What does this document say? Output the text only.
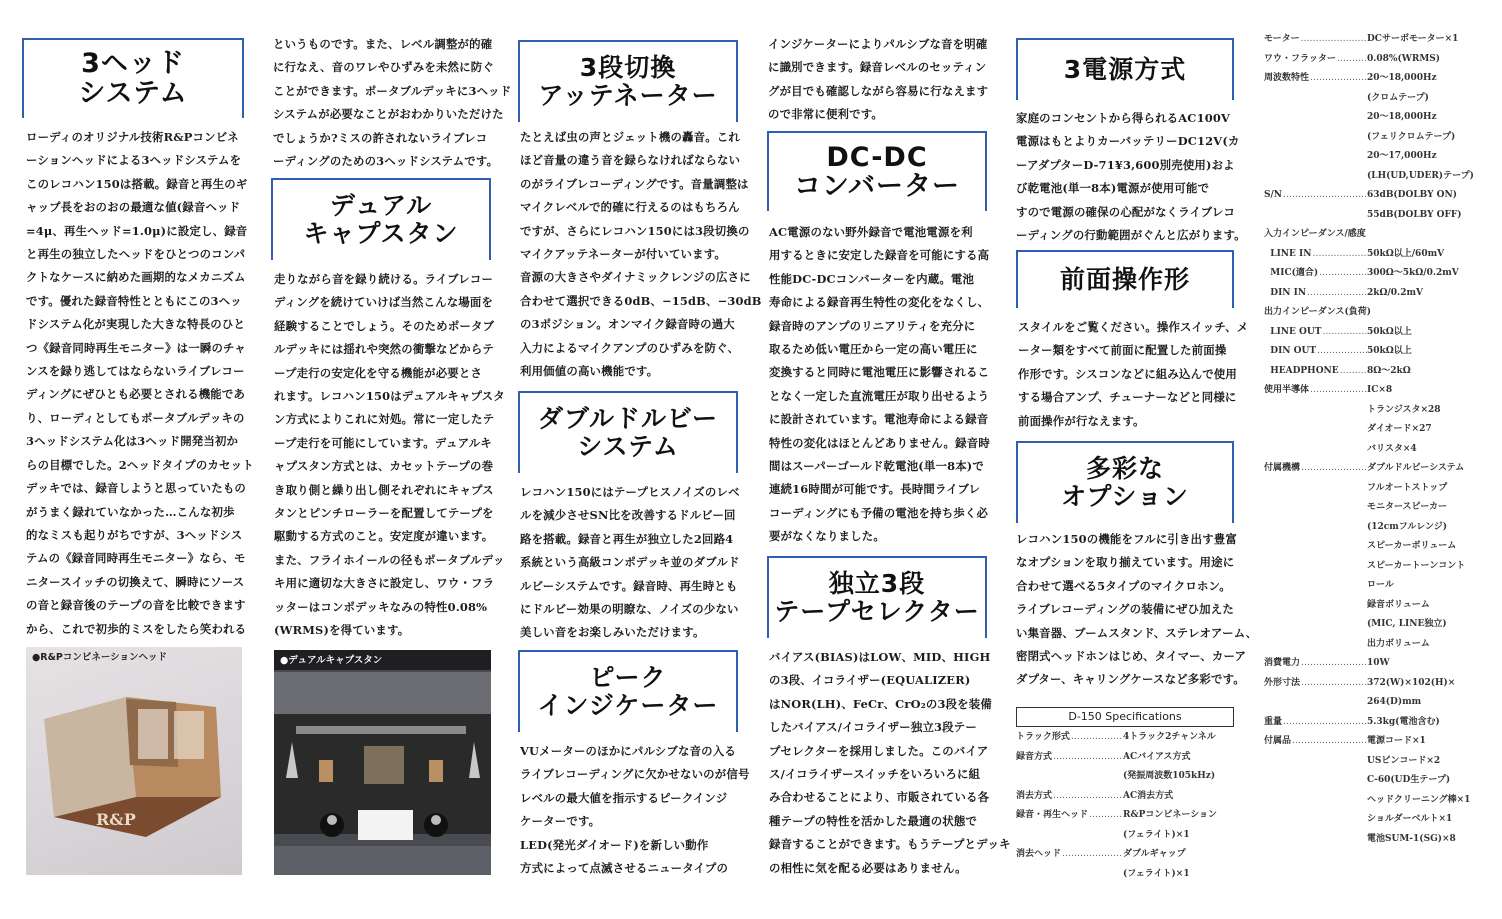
3ヘッド
システム
ローディのオリジナル技術R&Pコンビネ
ーションヘッドによる3ヘッドシステムを
このレコハン150は搭載。録音と再生のギ
ャップ長をおのおの最適な値(録音ヘッド
=4μ、再生ヘッド=1.0μ)に設定し、録音
と再生の独立したヘッドをひとつのコンパ
クトなケースに納めた画期的なメカニズム
です。優れた録音特性とともにこの3ヘッ
ドシステム化が実現した大きな特長のひと
つ《録音同時再生モニター》は一瞬のチャ
ンスを録り逃してはならないライブレコー
ディングにぜひとも必要とされる機能であ
り、ローディとしてもポータブルデッキの
3ヘッドシステム化は3ヘッド開発当初か
らの目標でした。2ヘッドタイプのカセット
デッキでは、録音しようと思っていたもの
がうまく録れていなかった…こんな初歩
的なミスも起りがちですが、3ヘッドシス
テムの《録音同時再生モニター》なら、モ
ニタースイッチの切換えて、瞬時にソース
の音と録音後のテープの音を比較できます
から、これで初歩的ミスをしたら笑われる
●R&Pコンビネーションヘッド
R&P
というものです。また、レベル調整が的確
に行なえ、音のワレやひずみを未然に防ぐ
ことができます。ポータブルデッキに3ヘッド
システムが必要なことがおわかりいただけた
でしょうか?ミスの許されないライブレコ
ーディングのための3ヘッドシステムです。
デュアル
キャプスタン
走りながら音を録り続ける。ライブレコー
ディングを続けていけば当然こんな場面を
経験することでしょう。そのためポータブ
ルデッキには揺れや突然の衝撃などからテ
ープ走行の安定化を守る機能が必要とさ
れます。レコハン150はデュアルキャプスタ
ン方式によりこれに対処。常に一定したテ
ープ走行を可能にしています。デュアルキ
ャプスタン方式とは、カセットテープの巻
き取り側と繰り出し側それぞれにキャプス
タンとピンチローラーを配置してテープを
駆動する方式のこと。安定度が違います。
また、フライホイールの径もポータブルデッ
キ用に適切な大きさに設定し、ワウ・フラ
ッターはコンポデッキなみの特性0.08%
(WRMS)を得ています。
●デュアルキャプスタン
3段切換
アッテネーター
たとえば虫の声とジェット機の轟音。これ
ほど音量の違う音を録らなければならない
のがライブレコーディングです。音量調整は
マイクレベルで的確に行えるのはもちろん
ですが、さらにレコハン150には3段切換の
マイクアッテネーターが付いています。
音源の大きさやダイナミックレンジの広さに
合わせて選択できる0dB、−15dB、−30dB
の3ポジション。オンマイク録音時の過大
入力によるマイクアンプのひずみを防ぐ、
利用価値の高い機能です。
ダブルドルビー
システム
レコハン150にはテープヒスノイズのレベ
ルを減少させSN比を改善するドルビー回
路を搭載。録音と再生が独立した2回路4
系統という高級コンポデッキ並のダブルド
ルビーシステムです。録音時、再生時とも
にドルビー効果の明瞭な、ノイズの少ない
美しい音をお楽しみいただけます。
ピーク
インジケーター
VUメーターのほかにパルシブな音の入る
ライブレコーディングに欠かせないのが信号
レベルの最大値を指示するピークインジ
ケーターです。
LED(発光ダイオード)を新しい動作
方式によって点滅させるニュータイプの
インジケーターによりパルシブな音を明確
に識別できます。録音レベルのセッティン
グが目でも確認しながら容易に行なえます
ので非常に便利です。
DC-DC
コンバーター
AC電源のない野外録音で電池電源を利
用するときに安定した録音を可能にする高
性能DC-DCコンバーターを内蔵。電池
寿命による録音再生特性の変化をなくし、
録音時のアンプのリニアリティを充分に
取るため低い電圧から一定の高い電圧に
変換すると同時に電池電圧に影響されるこ
となく一定した直流電圧が取り出せるよう
に設計されています。電池寿命による録音
特性の変化はほとんどありません。録音時
間はスーパーゴールド乾電池(単一8本)で
連続16時間が可能です。長時間ライブレ
コーディングにも予備の電池を持ち歩く必
要がなくなりました。
独立3段
テープセレクター
バイアス(BIAS)はLOW、MID、HIGH
の3段、イコライザー(EQUALIZER)
はNOR(LH)、FeCr、CrO₂の3段を装備
したバイアス/イコライザー独立3段テー
プセレクターを採用しました。このバイア
ス/イコライザースイッチをいろいろに組
み合わせることにより、市販されている各
種テープの特性を活かした最適の状態で
録音することができます。もうテープとデッキ
の相性に気を配る必要はありません。
3電源方式
家庭のコンセントから得られるAC100V
電源はもとよりカーバッテリーDC12V(カ
ーアダプターD-71¥3,600別売使用)およ
び乾電池(単一8本)電源が使用可能で
すので電源の確保の心配がなくライブレコ
ーディングの行動範囲がぐんと広がります。
前面操作形
スタイルをご覧ください。操作スイッチ、メ
ーター類をすべて前面に配置した前面操
作形です。シスコンなどに組み込んで使用
する場合アンプ、チューナーなどと同様に
前面操作が行なえます。
多彩な
オプション
レコハン150の機能をフルに引き出す豊富
なオプションを取り揃えています。用途に
合わせて選べる5タイプのマイクロホン。
ライブレコーディングの装備にぜひ加えた
い集音器、ブームスタンド、ステレオアーム、
密閉式ヘッドホンはじめ、タイマー、カーア
ダプター、キャリングケースなど多彩です。
D-150 Specifications
トラック形式 ……………………………………………	4トラック2チャンネル
録音方式 ……………………………………………	ACバイアス方式
(発振周波数105kHz)
消去方式 ……………………………………………	AC消去方式
録音・再生ヘッド ……………………………………………	R&Pコンビネーション
(フェライト)×1
消去ヘッド ……………………………………………	ダブルギャップ
(フェライト)×1
モーター ……………………………………………	DCサーボモーター×1
ワウ・フラッター ……………………………………………	0.08%(WRMS)
周波数特性 ……………………………………………	20〜18,000Hz
(クロムテープ)
20〜18,000Hz
(フェリクロムテープ)
20〜17,000Hz
(LH(UD,UDER)テープ)
S/N ……………………………………………	63dB(DOLBY ON)
55dB(DOLBY OFF)
入力インピーダンス/感度
LINE IN ……………………………………………	50kΩ以上/60mV
MIC(適合) ……………………………………………	300Ω〜5kΩ/0.2mV
DIN IN ……………………………………………	2kΩ/0.2mV
出力インピーダンス(負荷)
LINE OUT ……………………………………………	50kΩ以上
DIN OUT ……………………………………………	50kΩ以上
HEADPHONE ……………………………………………	8Ω〜2kΩ
使用半導体 ……………………………………………	IC×8
トランジスタ×28
ダイオード×27
バリスタ×4
付属機構 ……………………………………………	ダブルドルビーシステム
フルオートストップ
モニタースピーカー
(12cmフルレンジ)
スピーカーボリューム
スピーカートーンコント
ロール
録音ボリューム
(MIC, LINE独立)
出力ボリューム
消費電力 ……………………………………………	10W
外形寸法 ……………………………………………	372(W)×102(H)×
264(D)mm
重量 ……………………………………………	5.3kg(電池含む)
付属品 ……………………………………………	電源コード×1
USピンコード×2
C-60(UD生テープ)
ヘッドクリーニング棒×1
ショルダーベルト×1
電池SUM-1(SG)×8
